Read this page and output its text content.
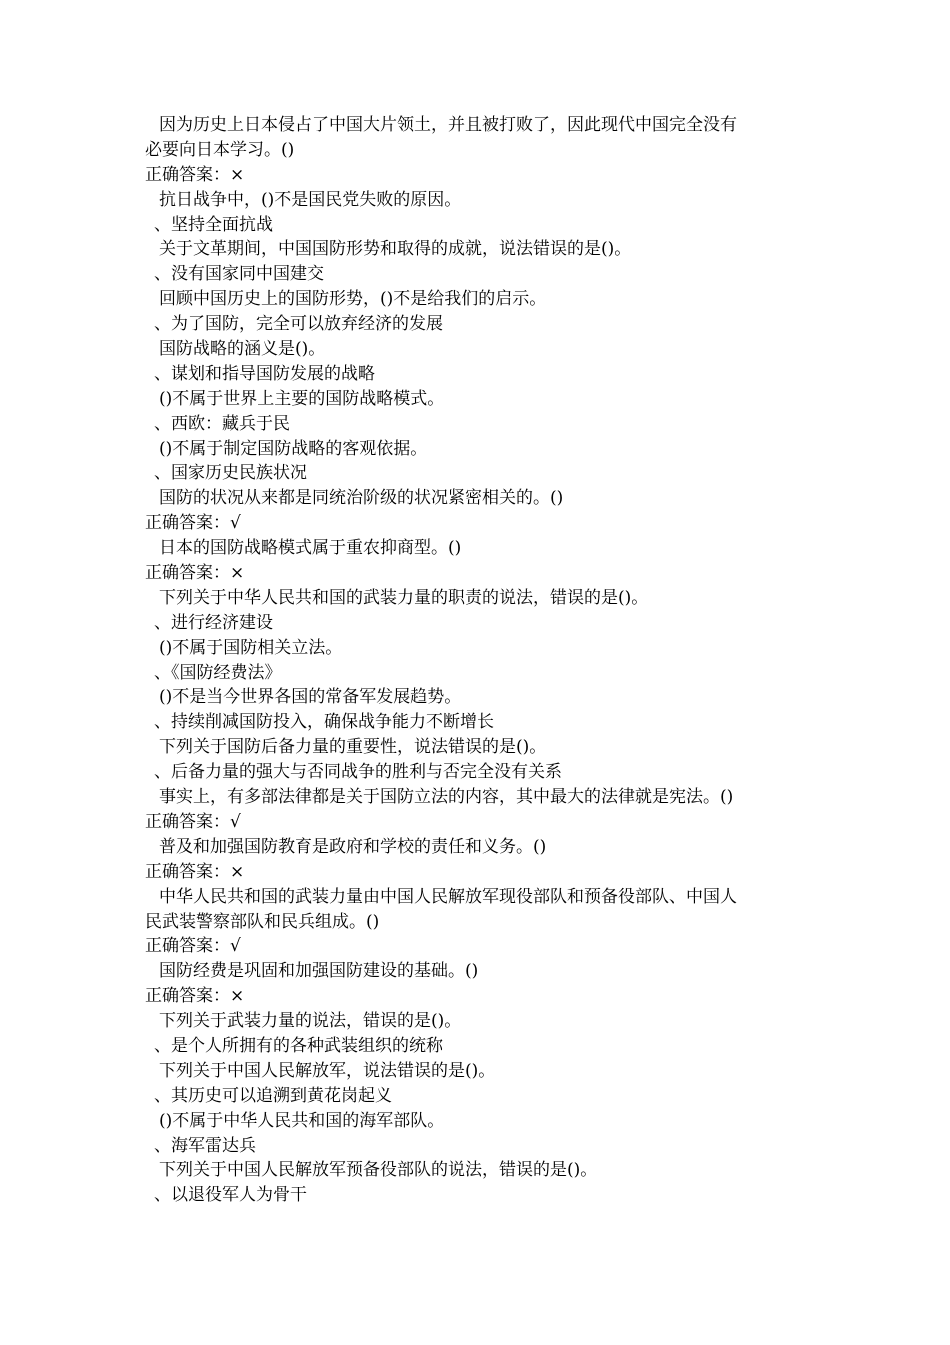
因为历史上日本侵占了中国大片领土，并且被打败了，因此现代中国完全没有
必要向日本学习。()
正确答案：×
抗日战争中，()不是国民党失败的原因。
、坚持全面抗战
关于文革期间，中国国防形势和取得的成就，说法错误的是()。
、没有国家同中国建交
回顾中国历史上的国防形势，()不是给我们的启示。
、为了国防，完全可以放弃经济的发展
国防战略的涵义是()。
、谋划和指导国防发展的战略
()不属于世界上主要的国防战略模式。
、西欧：藏兵于民
()不属于制定国防战略的客观依据。
、国家历史民族状况
国防的状况从来都是同统治阶级的状况紧密相关的。()
正确答案：√
日本的国防战略模式属于重农抑商型。()
正确答案：×
下列关于中华人民共和国的武装力量的职责的说法，错误的是()。
、进行经济建设
()不属于国防相关立法。
、《国防经费法》
()不是当今世界各国的常备军发展趋势。
、持续削减国防投入，确保战争能力不断增长
下列关于国防后备力量的重要性，说法错误的是()。
、后备力量的强大与否同战争的胜利与否完全没有关系
事实上，有多部法律都是关于国防立法的内容，其中最大的法律就是宪法。()
正确答案：√
普及和加强国防教育是政府和学校的责任和义务。()
正确答案：×
中华人民共和国的武装力量由中国人民解放军现役部队和预备役部队、中国人
民武装警察部队和民兵组成。()
正确答案：√
国防经费是巩固和加强国防建设的基础。()
正确答案：×
下列关于武装力量的说法，错误的是()。
、是个人所拥有的各种武装组织的统称
下列关于中国人民解放军，说法错误的是()。
、其历史可以追溯到黄花岗起义
()不属于中华人民共和国的海军部队。
、海军雷达兵
下列关于中国人民解放军预备役部队的说法，错误的是()。
、以退役军人为骨干
